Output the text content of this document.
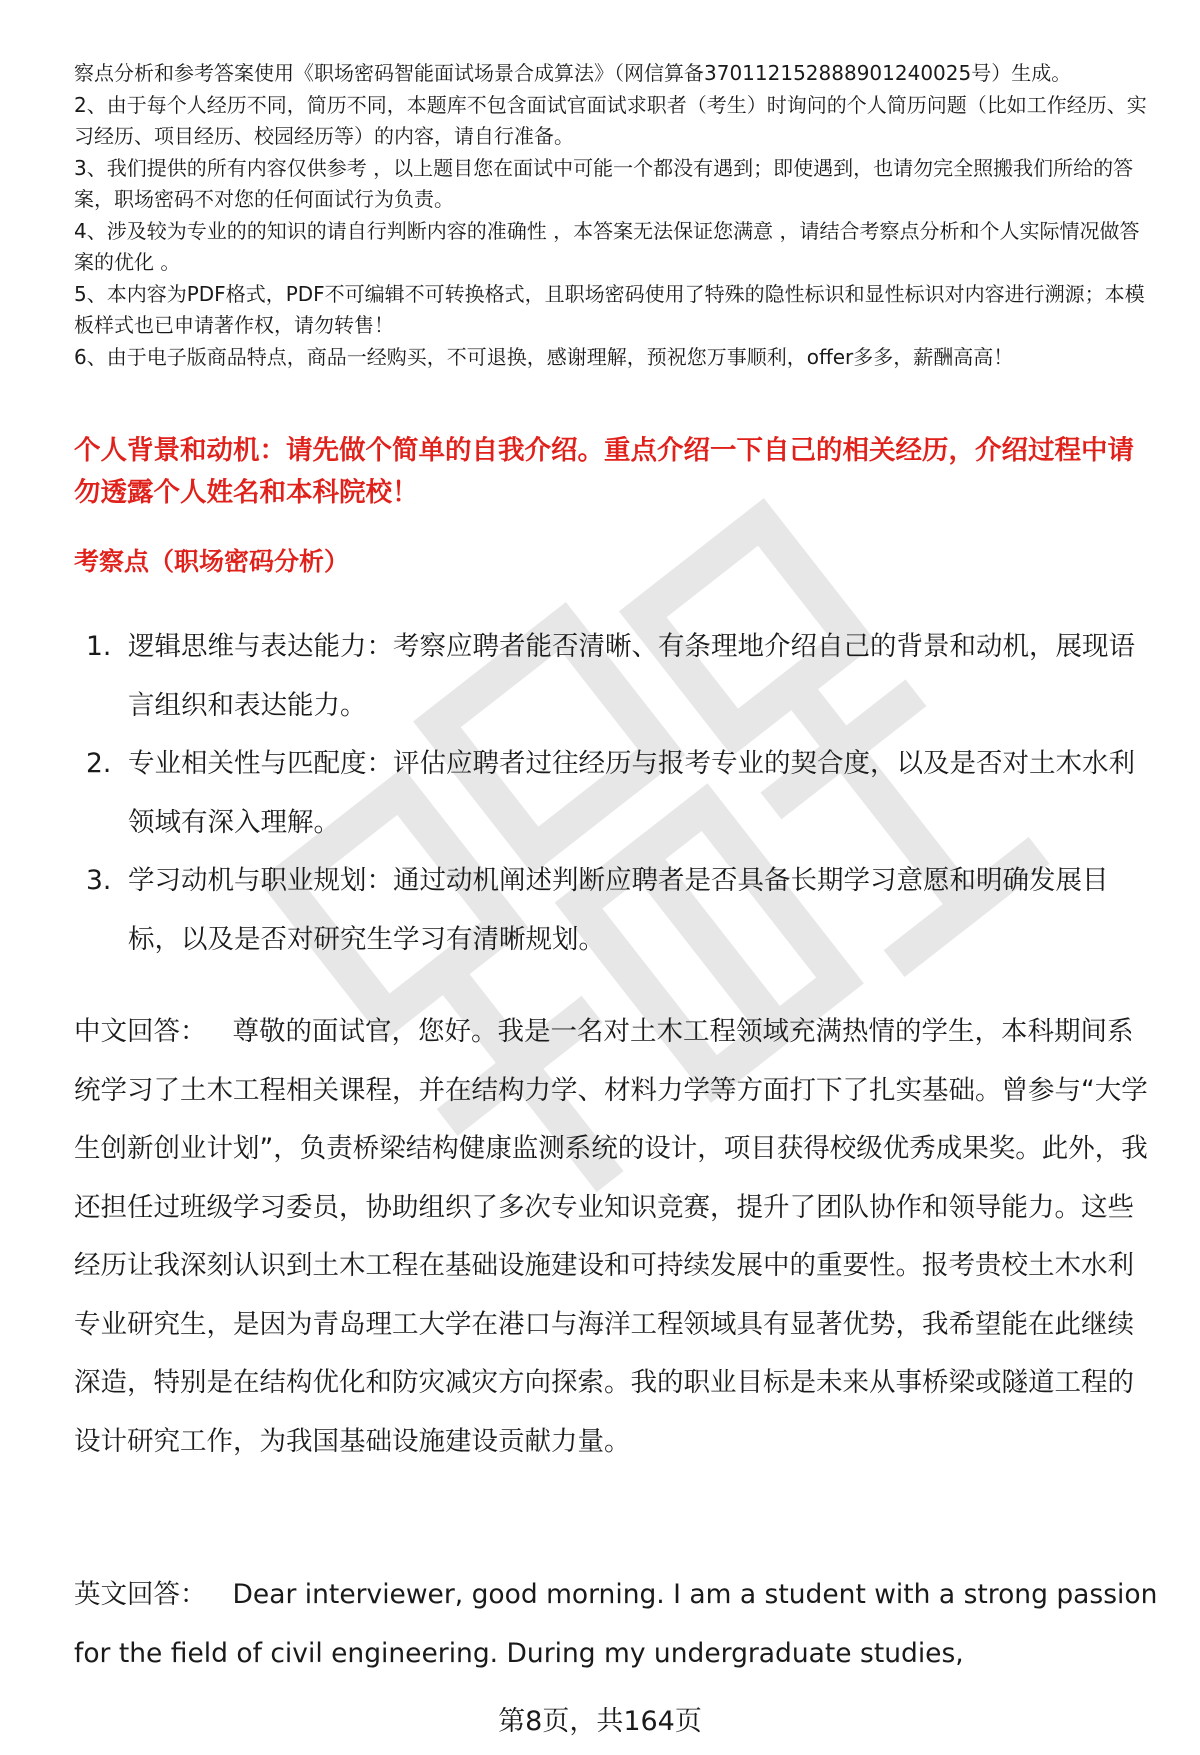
察点分析和参考答案使用《职场密码智能面试场景合成算法》（网信算备370112152888901240025号）生成。

2、由于每个人经历不同，简历不同，本题库不包含面试官面试求职者（考生）时询问的个人简历问题（比如工作经历、实习经历、项目经历、校园经历等）的内容，请自行准备。

3、我们提供的所有内容仅供参考 ，以上题目您在面试中可能一个都没有遇到；即使遇到，也请勿完全照搬我们所给的答案，职场密码不对您的任何面试行为负责。

4、涉及较为专业的的知识的请自行判断内容的准确性 ，本答案无法保证您满意 ，请结合考察点分析和个人实际情况做答案的优化 。

5、本内容为PDF格式，PDF不可编辑不可转换格式，且职场密码使用了特殊的隐性标识和显性标识对内容进行溯源；本模板样式也已申请著作权，请勿转售！

6、由于电子版商品特点，商品一经购买，不可退换，感谢理解，预祝您万事顺利，offer多多，薪酬高高！

个人背景和动机：请先做个简单的自我介绍。重点介绍一下自己的相关经历，介绍过程中请勿透露个人姓名和本科院校！
考察点（职场密码分析）
1. 逻辑思维与表达能力：考察应聘者能否清晰、有条理地介绍自己的背景和动机，展现语言组织和表达能力。
2. 专业相关性与匹配度：评估应聘者过往经历与报考专业的契合度，以及是否对土木水利领域有深入理解。
3. 学习动机与职业规划：通过动机阐述判断应聘者是否具备长期学习意愿和明确发展目标，以及是否对研究生学习有清晰规划。

中文回答： 尊敬的面试官，您好。我是一名对土木工程领域充满热情的学生，本科期间系统学习了土木工程相关课程，并在结构力学、材料力学等方面打下了扎实基础。曾参与“大学生创新创业计划”，负责桥梁结构健康监测系统的设计，项目获得校级优秀成果奖。此外，我还担任过班级学习委员，协助组织了多次专业知识竞赛，提升了团队协作和领导能力。这些经历让我深刻认识到土木工程在基础设施建设和可持续发展中的重要性。报考贵校土木水利专业研究生，是因为青岛理工大学在港口与海洋工程领域具有显著优势，我希望能在此继续深造，特别是在结构优化和防灾减灾方向探索。我的职业目标是未来从事桥梁或隧道工程的设计研究工作，为我国基础设施建设贡献力量。

英文回答： Dear interviewer, good morning. I am a student with a strong passion for the field of civil engineering. During my undergraduate studies,

第8页，共164页
